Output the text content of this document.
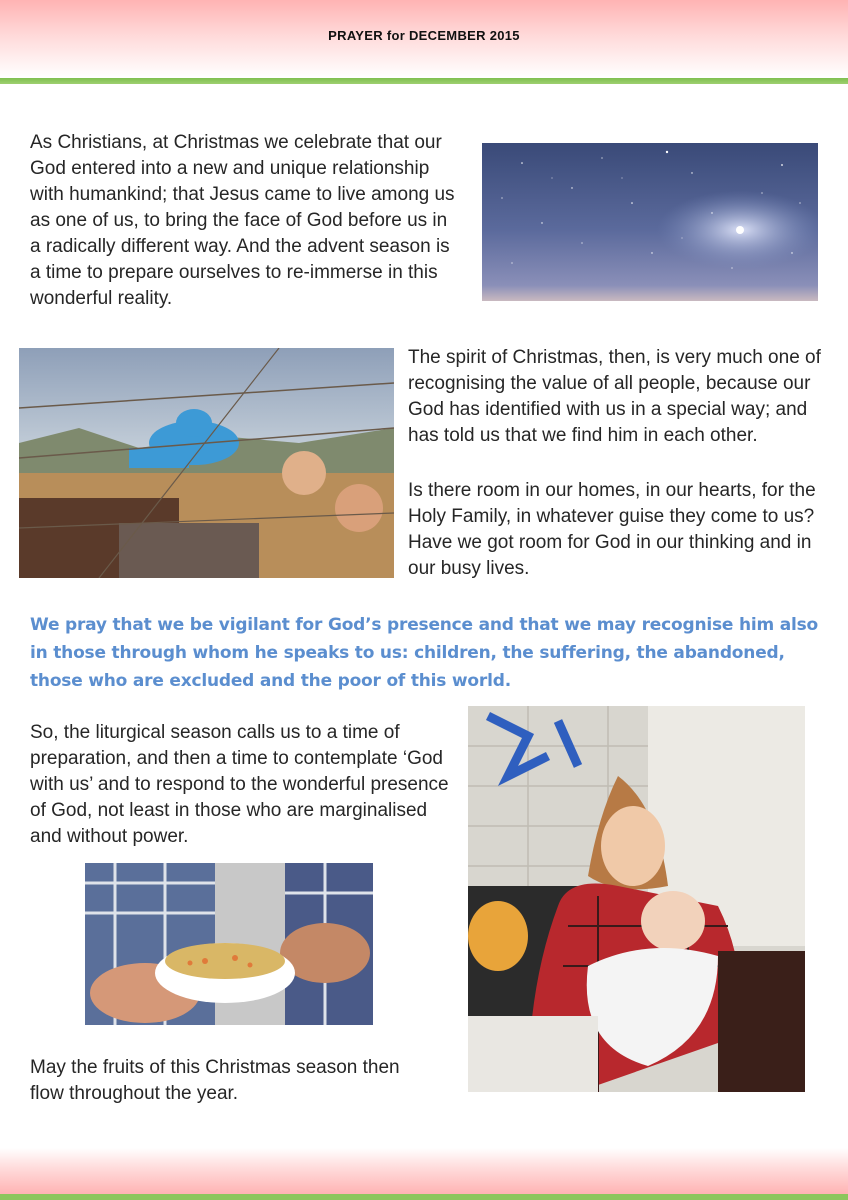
PRAYER for DECEMBER 2015

As Christians, at Christmas we celebrate that our God entered into a new and unique relationship with humankind; that Jesus came to live among us as one of us, to bring the face of God before us in a radically different way. And the advent season is a time to prepare ourselves to re-immerse in this wonderful reality.

The spirit of Christmas, then, is very much one of recognising the value of all people, because our God has identified with us in a special way; and has told us that we find him in each other.

Is there room in our homes, in our hearts, for the Holy Family, in whatever guise they come to us? Have we got room for God in our thinking and in our busy lives.

We pray that we be vigilant for God’s presence and that we may recognise him also in those through whom he speaks to us: children, the suffering, the abandoned, those who are excluded and the poor of this world.

So, the liturgical season calls us to a time of preparation, and then a time to contemplate ‘God with us’ and to respond to the wonderful presence of God, not least in those who are marginalised and without power.

May the fruits of this Christmas season then flow throughout the year.
